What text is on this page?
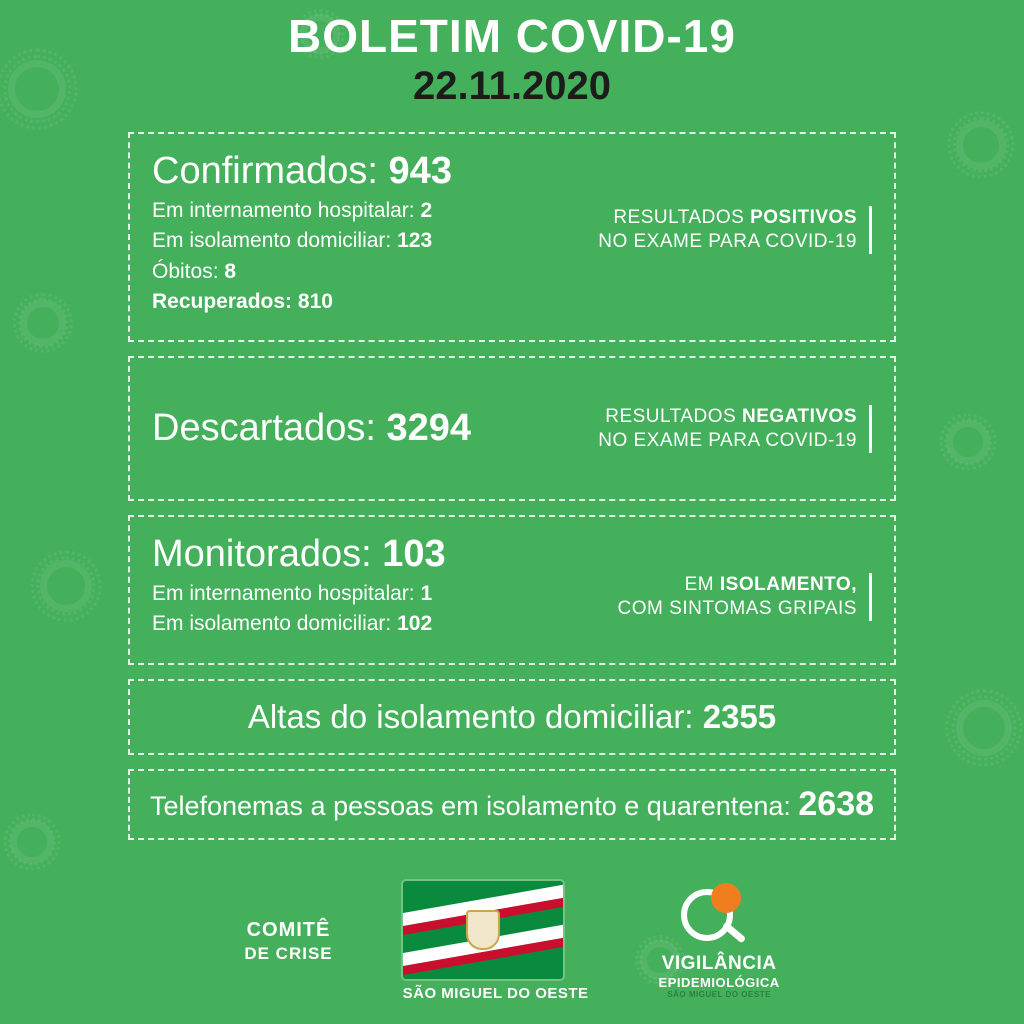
BOLETIM COVID-19
22.11.2020
Confirmados: 943
Em internamento hospitalar: 2
Em isolamento domiciliar: 123
Óbitos: 8
Recuperados: 810
RESULTADOS POSITIVOS
NO EXAME PARA COVID-19
Descartados: 3294	RESULTADOS NEGATIVOS
NO EXAME PARA COVID-19
Monitorados: 103
Em internamento hospitalar: 1
Em isolamento domiciliar: 102
EM ISOLAMENTO,
COM SINTOMAS GRIPAIS
Altas do isolamento domiciliar: 2355
Telefonemas a pessoas em isolamento e quarentena: 2638
COMITÊ
DE CRISE
SÃO MIGUEL DO OESTE
VIGILÂNCIA
EPIDEMIOLÓGICA
SÃO MIGUEL DO OESTE
